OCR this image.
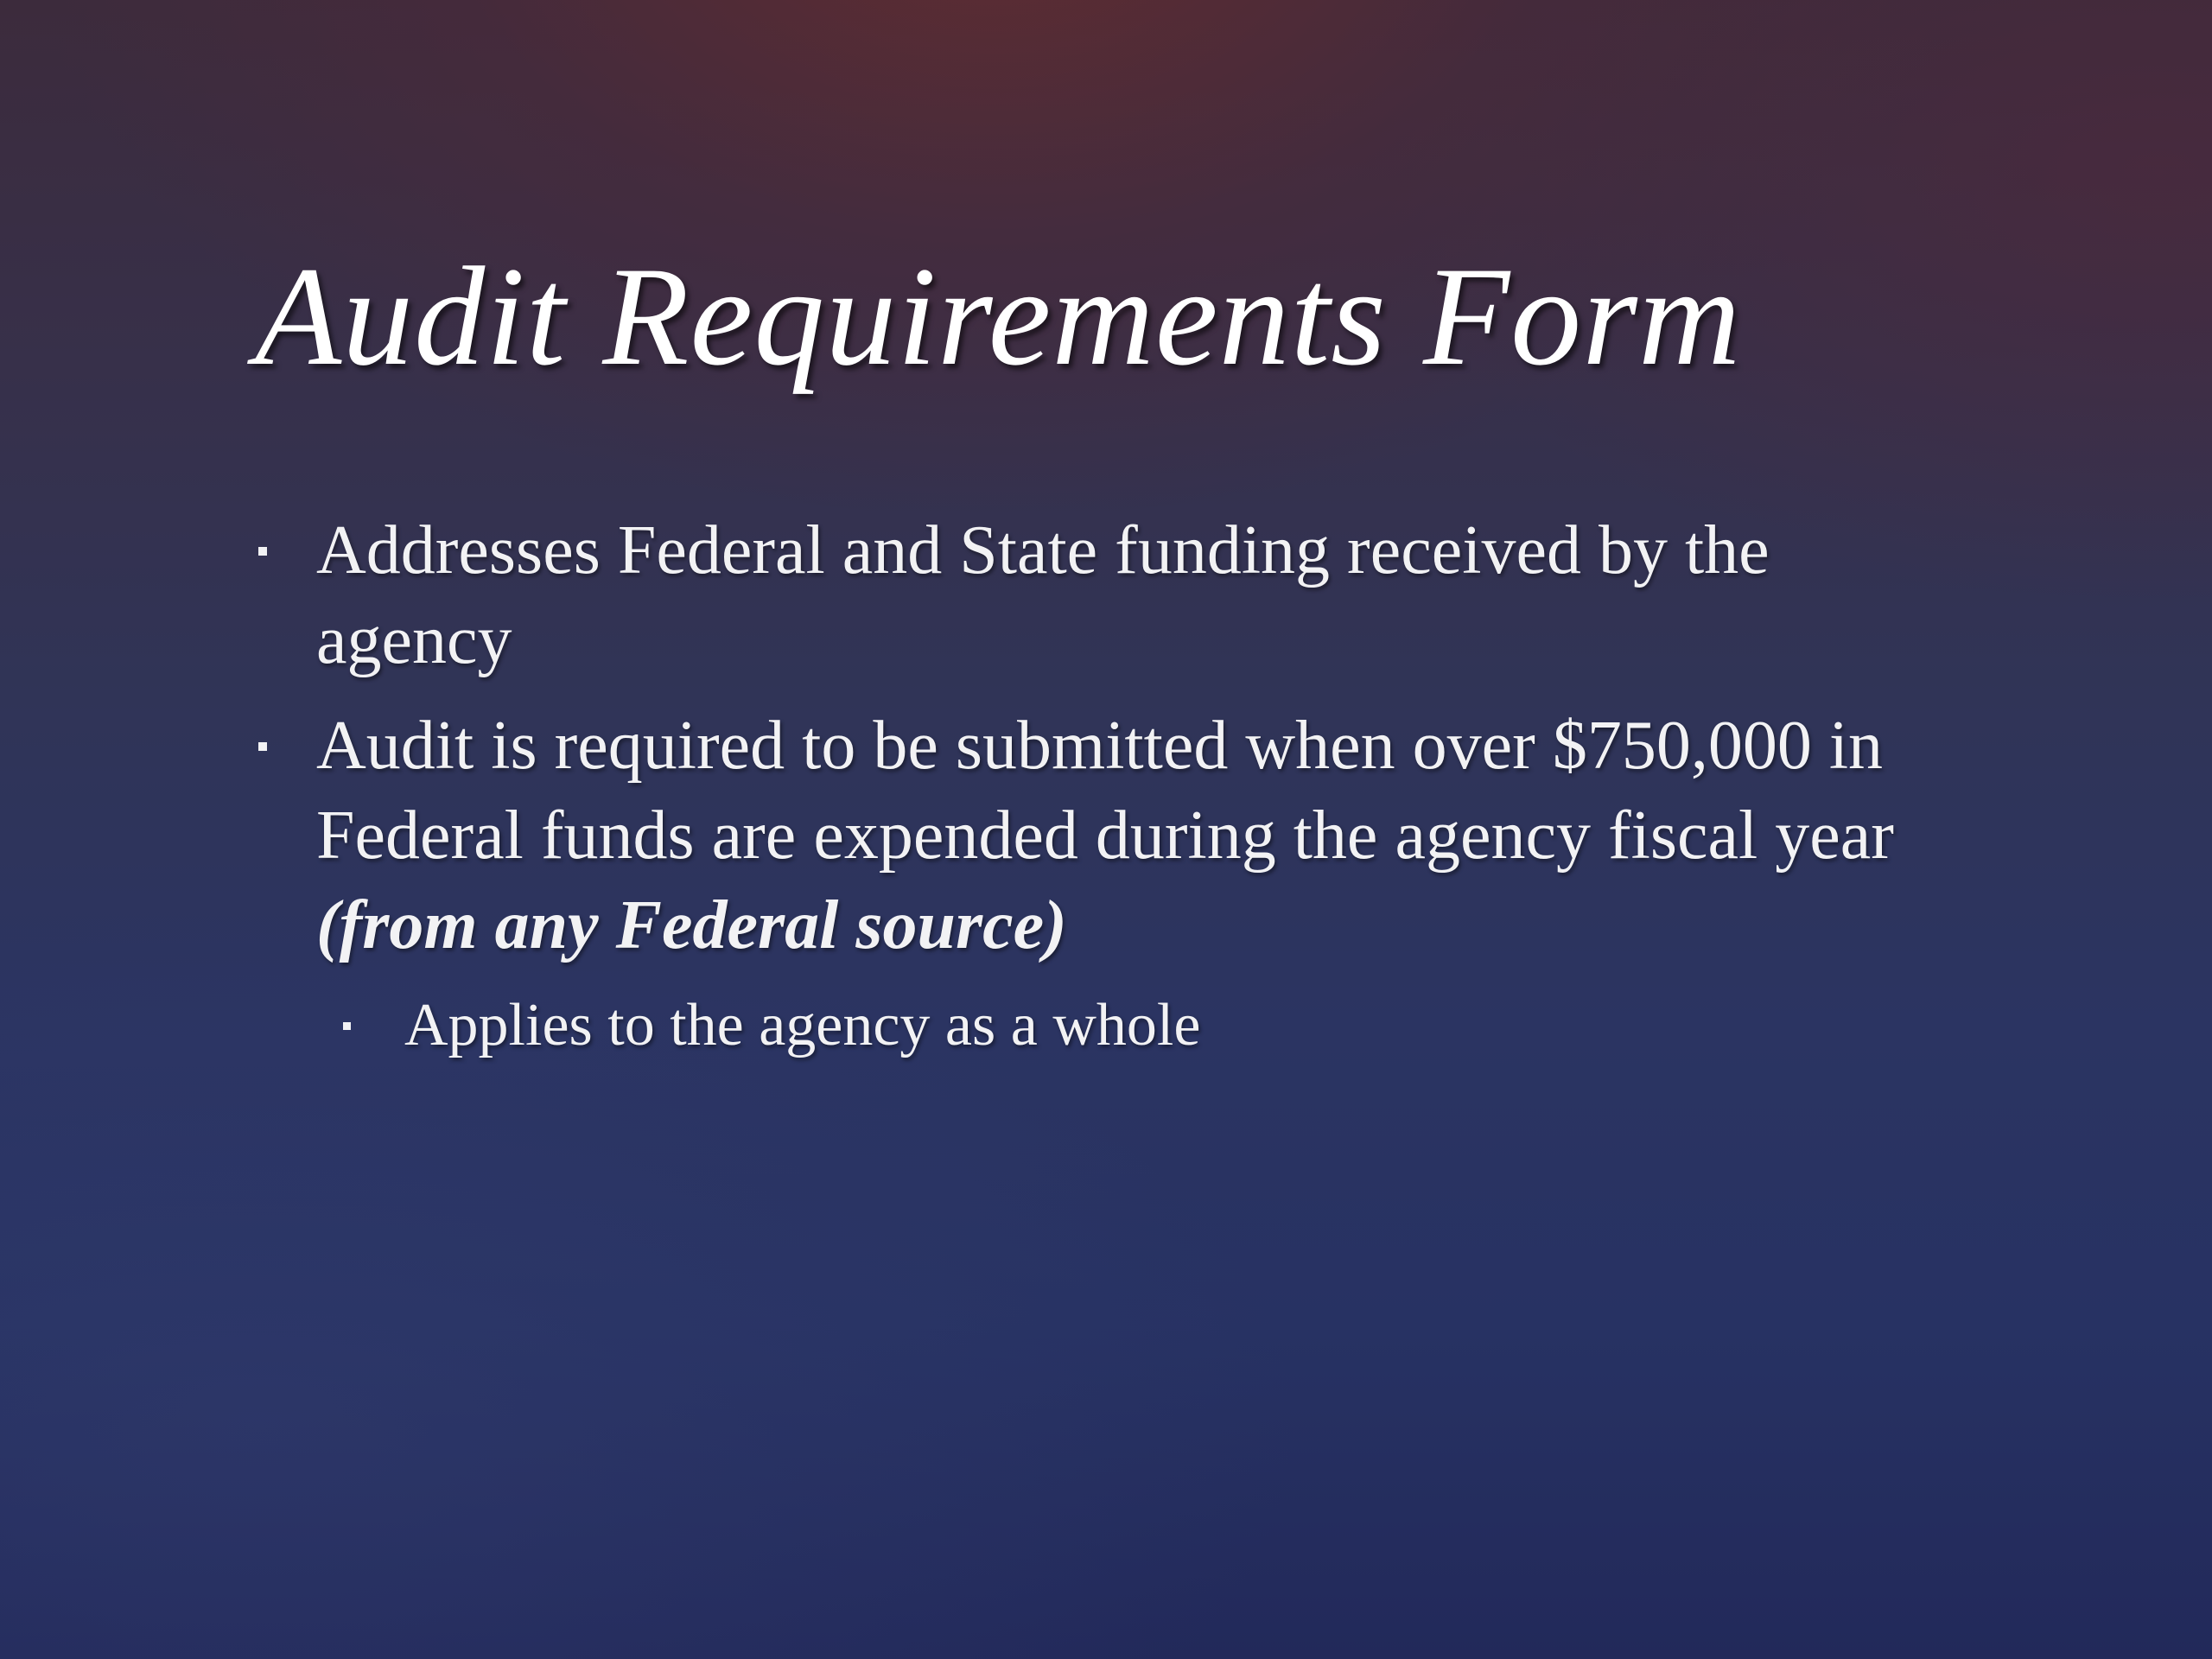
Audit Requirements Form
Addresses Federal and State funding received by the agency
Audit is required to be submitted when over $750,000 in Federal funds are expended during the agency fiscal year (from any Federal source)
Applies to the agency as a whole
